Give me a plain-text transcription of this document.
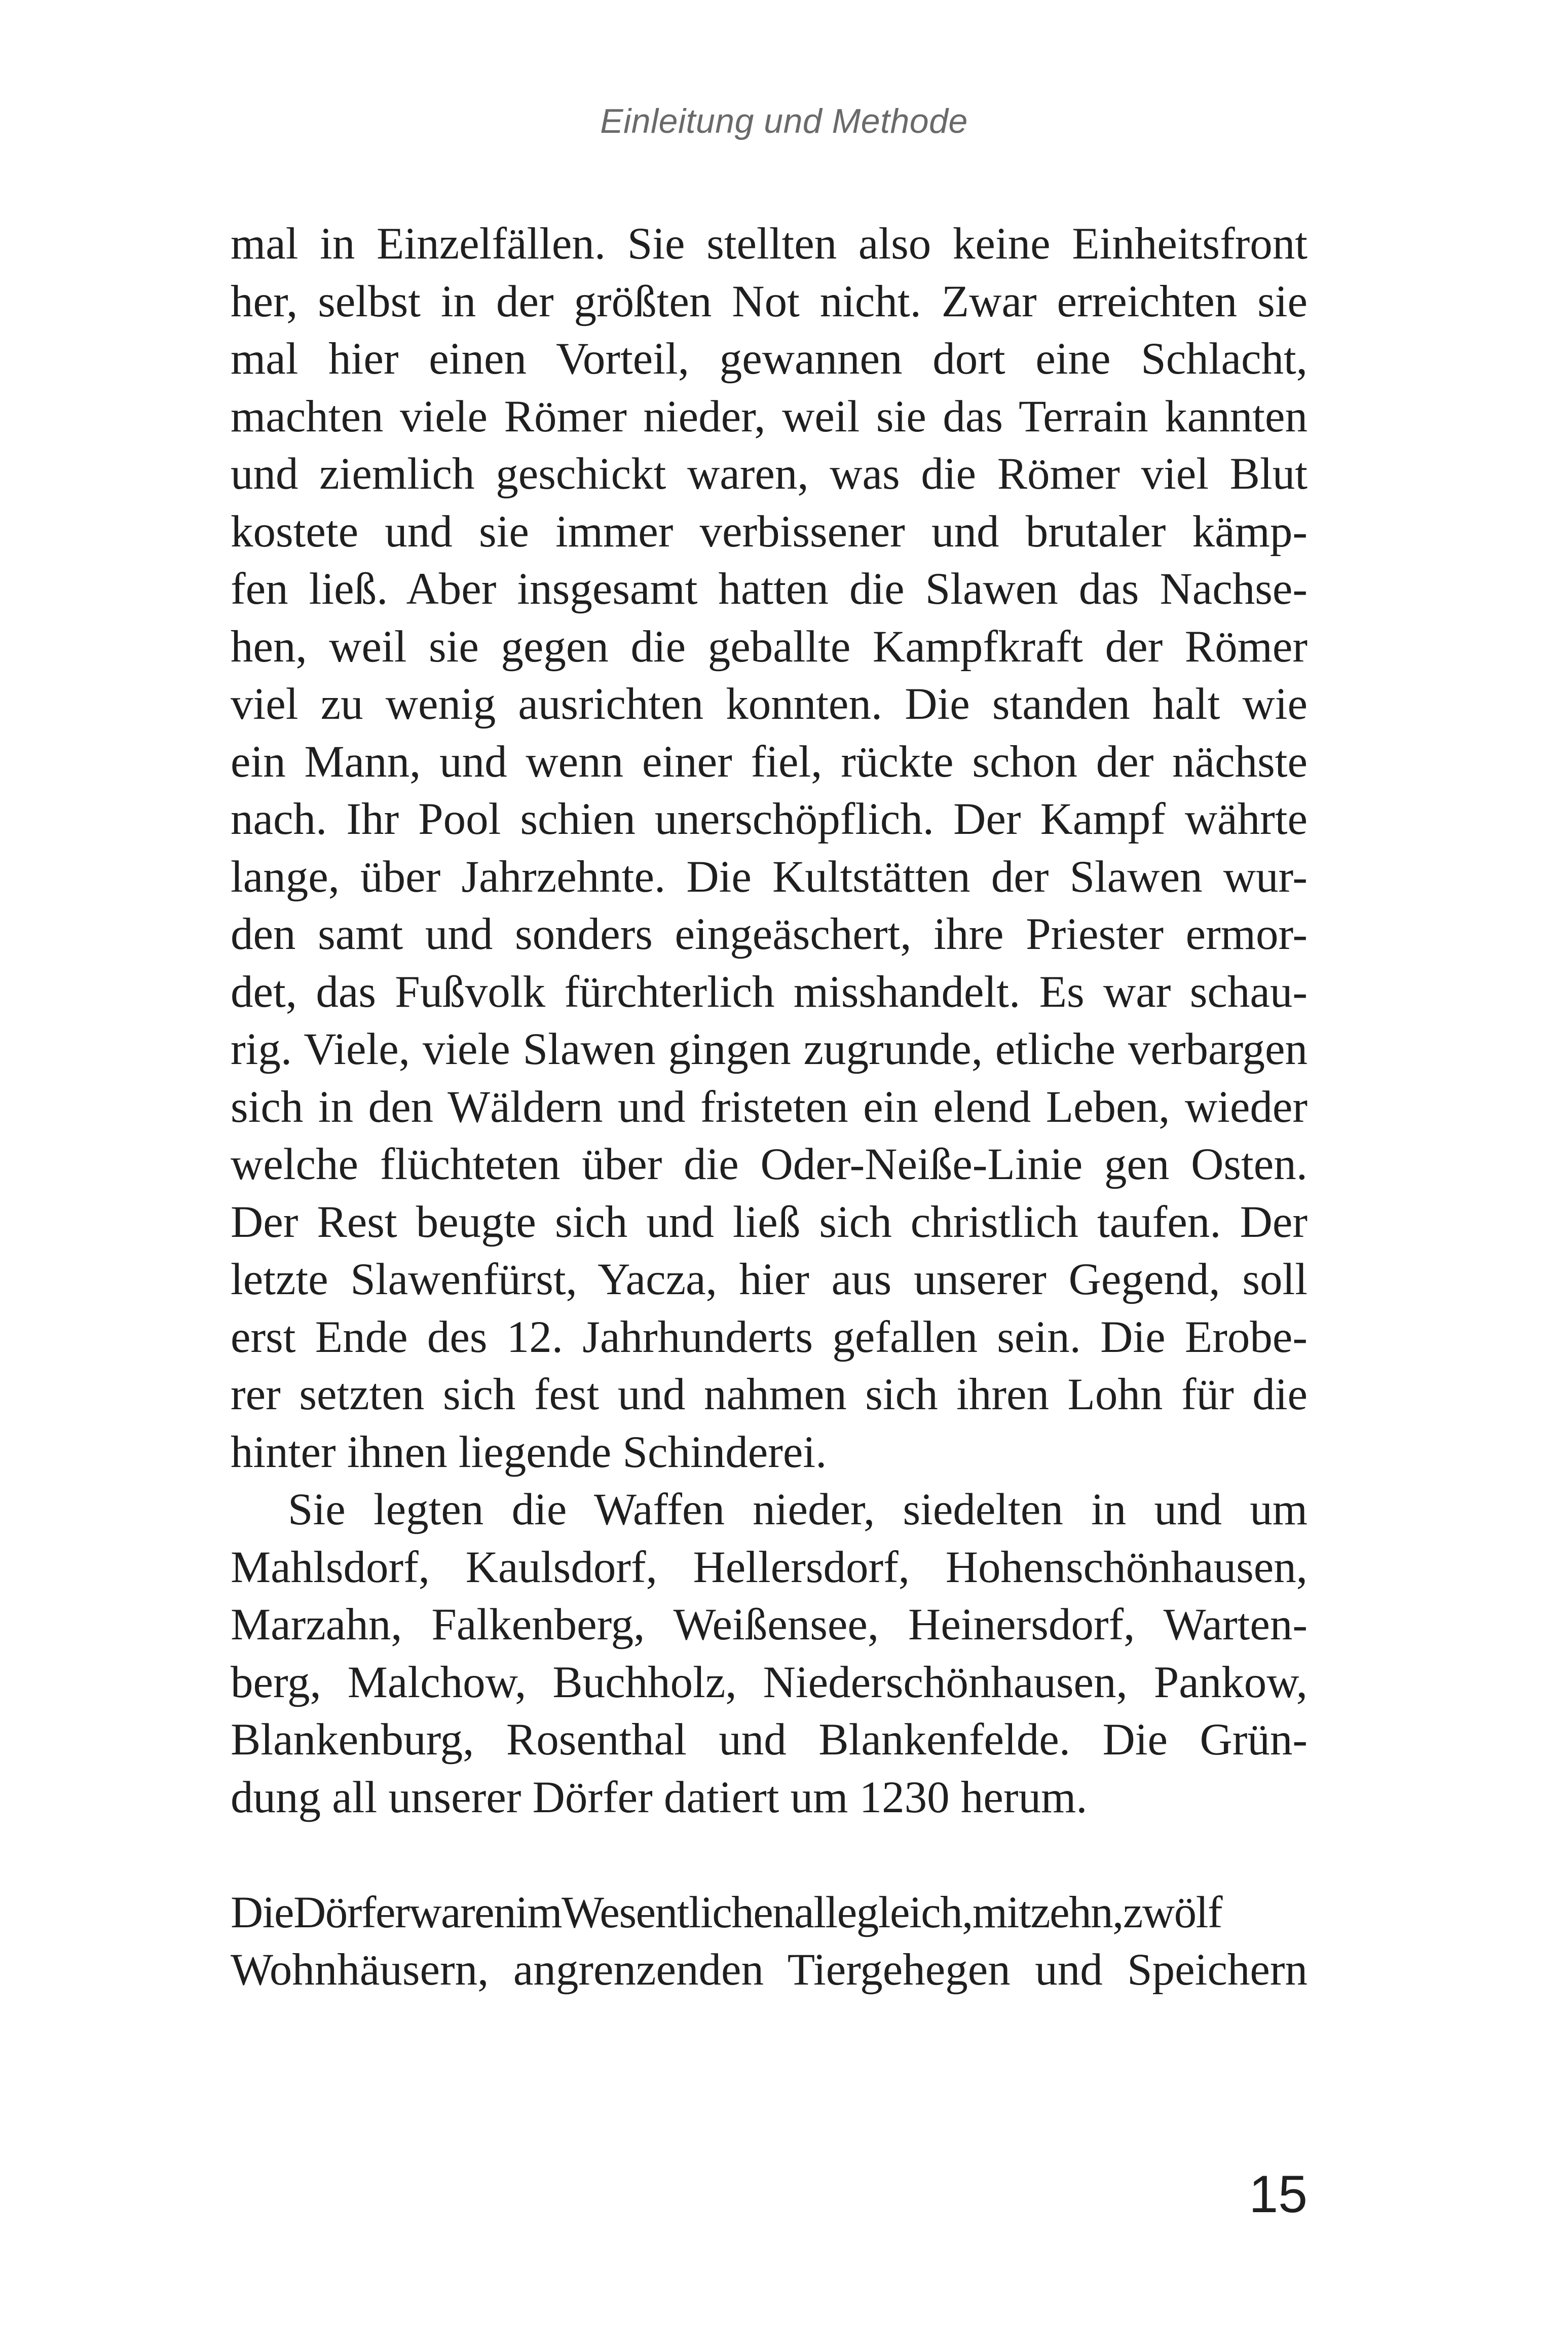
Einleitung und Methode
mal in Einzelfällen. Sie stellten also keine Einheitsfront
her, selbst in der größten Not nicht. Zwar erreichten sie
mal hier einen Vorteil, gewannen dort eine Schlacht,
machten viele Römer nieder, weil sie das Terrain kannten
und ziemlich geschickt waren, was die Römer viel Blut
kostete und sie immer verbissener und brutaler kämp-
fen ließ. Aber insgesamt hatten die Slawen das Nachse-
hen, weil sie gegen die geballte Kampfkraft der Römer
viel zu wenig ausrichten konnten. Die standen halt wie
ein Mann, und wenn einer fiel, rückte schon der nächste
nach. Ihr Pool schien unerschöpflich. Der Kampf währte
lange, über Jahrzehnte. Die Kultstätten der Slawen wur-
den samt und sonders eingeäschert, ihre Priester ermor-
det, das Fußvolk fürchterlich misshandelt. Es war schau-
rig. Viele, viele Slawen gingen zugrunde, etliche verbargen
sich in den Wäldern und fristeten ein elend Leben, wieder
welche flüchteten über die Oder-Neiße-Linie gen Osten.
Der Rest beugte sich und ließ sich christlich taufen. Der
letzte Slawenfürst, Yacza, hier aus unserer Gegend, soll
erst Ende des 12. Jahrhunderts gefallen sein. Die Erobe-
rer setzten sich fest und nahmen sich ihren Lohn für die
hinter ihnen liegende Schinderei.
Sie legten die Waffen nieder, siedelten in und um
Mahlsdorf, Kaulsdorf, Hellersdorf, Hohenschönhausen,
Marzahn, Falkenberg, Weißensee, Heinersdorf, Warten-
berg, Malchow, Buchholz, Niederschönhausen, Pankow,
Blankenburg, Rosenthal und Blankenfelde. Die Grün-
dung all unserer Dörfer datiert um 1230 herum.
DieDörferwarenimWesentlichenallegleich,mitzehn,zwölf
Wohnhäusern, angrenzenden Tiergehegen und Speichern
15
